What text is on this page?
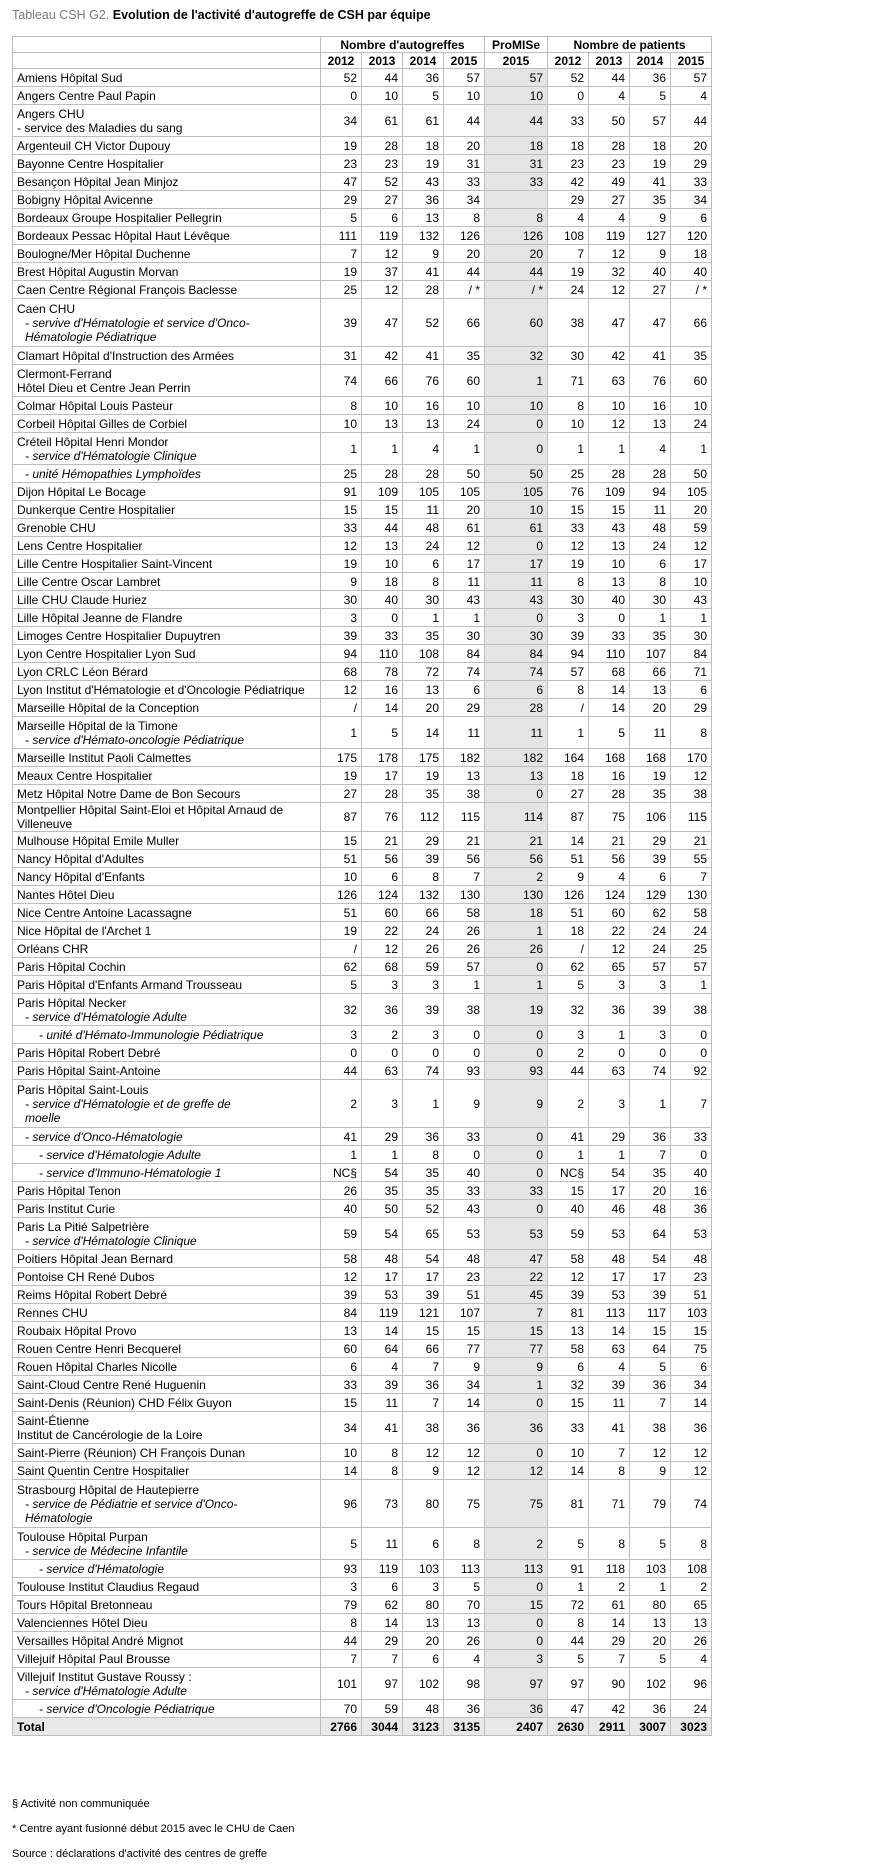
Tableau CSH G2. Evolution de l'activité d'autogreffe de CSH par équipe
	Nombre d'autogreffes				ProMISe	Nombre de patients			
	2012	2013	2014	2015	2015	2012	2013	2014	2015

Amiens Hôpital Sud	52	44	36	57	57	52	44	36	57

Angers Centre Paul Papin	0	10	5	10	10	0	4	5	4

Angers CHU
- service des Maladies du sang	34	61	61	44	44	33	50	57	44

Argenteuil CH Victor Dupouy	19	28	18	20	18	18	28	18	20

Bayonne Centre Hospitalier	23	23	19	31	31	23	23	19	29

Besançon Hôpital Jean Minjoz	47	52	43	33	33	42	49	41	33

Bobigny Hôpital Avicenne	29	27	36	34		29	27	35	34

Bordeaux Groupe Hospitalier Pellegrin	5	6	13	8	8	4	4	9	6

Bordeaux Pessac Hôpital Haut Lévêque	111	119	132	126	126	108	119	127	120

Boulogne/Mer Hôpital Duchenne	7	12	9	20	20	7	12	9	18

Brest Hôpital Augustin Morvan	19	37	41	44	44	19	32	40	40

Caen Centre Régional François Baclesse	25	12	28	/ *	/ *	24	12	27	/ *

Caen CHU
- servive d'Hématologie et service d'Onco-
Hématologie Pédiatrique	39	47	52	66	60	38	47	47	66

Clamart Hôpital d'Instruction des Armées	31	42	41	35	32	30	42	41	35

Clermont-Ferrand
Hôtel Dieu et Centre Jean Perrin	74	66	76	60	1	71	63	76	60

Colmar Hôpital Louis Pasteur	8	10	16	10	10	8	10	16	10

Corbeil Hôpital Gilles de Corbiel	10	13	13	24	0	10	12	13	24

Créteil Hôpital Henri Mondor
- service d'Hématologie Clinique	1	1	4	1	0	1	1	4	1

- unité Hémopathies Lymphoïdes	25	28	28	50	50	25	28	28	50

Dijon Hôpital Le Bocage	91	109	105	105	105	76	109	94	105

Dunkerque Centre Hospitalier	15	15	11	20	10	15	15	11	20

Grenoble CHU	33	44	48	61	61	33	43	48	59

Lens Centre Hospitalier	12	13	24	12	0	12	13	24	12

Lille Centre Hospitalier Saint-Vincent	19	10	6	17	17	19	10	6	17

Lille Centre Oscar Lambret	9	18	8	11	11	8	13	8	10

Lille CHU Claude Huriez	30	40	30	43	43	30	40	30	43

Lille Hôpital Jeanne de Flandre	3	0	1	1	0	3	0	1	1

Limoges Centre Hospitalier Dupuytren	39	33	35	30	30	39	33	35	30

Lyon Centre Hospitalier Lyon Sud	94	110	108	84	84	94	110	107	84

Lyon CRLC Léon Bérard	68	78	72	74	74	57	68	66	71

Lyon Institut d'Hématologie et d'Oncologie Pédiatrique	12	16	13	6	6	8	14	13	6

Marseille Hôpital de la Conception	/	14	20	29	28	/	14	20	29

Marseille Hôpital de la Timone
- service d'Hémato-oncologie Pédiatrique	1	5	14	11	11	1	5	11	8

Marseille Institut Paoli Calmettes	175	178	175	182	182	164	168	168	170

Meaux Centre Hospitalier	19	17	19	13	13	18	16	19	12

Metz Hôpital Notre Dame de Bon Secours	27	28	35	38	0	27	28	35	38

Montpellier Hôpital Saint-Eloi et Hôpital Arnaud de Villeneuve	87	76	112	115	114	87	75	106	115

Mulhouse Hôpital Emile Muller	15	21	29	21	21	14	21	29	21

Nancy Hôpital d'Adultes	51	56	39	56	56	51	56	39	55

Nancy Hôpital d'Enfants	10	6	8	7	2	9	4	6	7

Nantes Hôtel Dieu	126	124	132	130	130	126	124	129	130

Nice Centre Antoine Lacassagne	51	60	66	58	18	51	60	62	58

Nice Hôpital de l'Archet 1	19	22	24	26	1	18	22	24	24

Orléans CHR	/	12	26	26	26	/	12	24	25

Paris Hôpital Cochin	62	68	59	57	0	62	65	57	57

Paris Hôpital d'Enfants Armand Trousseau	5	3	3	1	1	5	3	3	1

Paris Hôpital Necker
- service d'Hématologie Adulte	32	36	39	38	19	32	36	39	38

- unité d'Hémato-Immunologie Pédiatrique	3	2	3	0	0	3	1	3	0

Paris Hôpital Robert Debré	0	0	0	0	0	2	0	0	0

Paris Hôpital Saint-Antoine	44	63	74	93	93	44	63	74	92

Paris Hôpital Saint-Louis
- service d'Hématologie et de greffe de
moelle	2	3	1	9	9	2	3	1	7

- service d'Onco-Hématologie	41	29	36	33	0	41	29	36	33

- service d'Hématologie Adulte	1	1	8	0	0	1	1	7	0

- service d'Immuno-Hématologie 1	NC§	54	35	40	0	NC§	54	35	40

Paris Hôpital Tenon	26	35	35	33	33	15	17	20	16

Paris Institut Curie	40	50	52	43	0	40	46	48	36

Paris La Pitié Salpetrière
- service d'Hématologie Clinique	59	54	65	53	53	59	53	64	53

Poitiers Hôpital Jean Bernard	58	48	54	48	47	58	48	54	48

Pontoise CH René Dubos	12	17	17	23	22	12	17	17	23

Reims Hôpital Robert Debré	39	53	39	51	45	39	53	39	51

Rennes CHU	84	119	121	107	7	81	113	117	103

Roubaix Hôpital Provo	13	14	15	15	15	13	14	15	15

Rouen Centre Henri Becquerel	60	64	66	77	77	58	63	64	75

Rouen Hôpital Charles Nicolle	6	4	7	9	9	6	4	5	6

Saint-Cloud Centre René Huguenin	33	39	36	34	1	32	39	36	34

Saint-Denis (Réunion) CHD Félix Guyon	15	11	7	14	0	15	11	7	14

Saint-Étienne
Institut de Cancérologie de la Loire	34	41	38	36	36	33	41	38	36

Saint-Pierre (Réunion) CH François Dunan	10	8	12	12	0	10	7	12	12

Saint Quentin Centre Hospitalier	14	8	9	12	12	14	8	9	12

Strasbourg Hôpital de Hautepierre
- service de Pédiatrie et service d'Onco-
Hématologie	96	73	80	75	75	81	71	79	74

Toulouse Hôpital Purpan
- service de Médecine Infantile	5	11	6	8	2	5	8	5	8

- service d'Hématologie	93	119	103	113	113	91	118	103	108

Toulouse Institut Claudius Regaud	3	6	3	5	0	1	2	1	2

Tours Hôpital Bretonneau	79	62	80	70	15	72	61	80	65

Valenciennes Hôtel Dieu	8	14	13	13	0	8	14	13	13

Versailles Hôpital André Mignot	44	29	20	26	0	44	29	20	26

Villejuif Hôpital Paul Brousse	7	7	6	4	3	5	7	5	4

Villejuif Institut Gustave Roussy :
- service d'Hématologie Adulte	101	97	102	98	97	97	90	102	96

- service d'Oncologie Pédiatrique	70	59	48	36	36	47	42	36	24
Total	2766	3044	3123	3135	2407	2630	2911	3007	3023
§ Activité non communiquée
* Centre ayant fusionné début 2015 avec le CHU de Caen
Source : déclarations d'activité des centres de greffe
